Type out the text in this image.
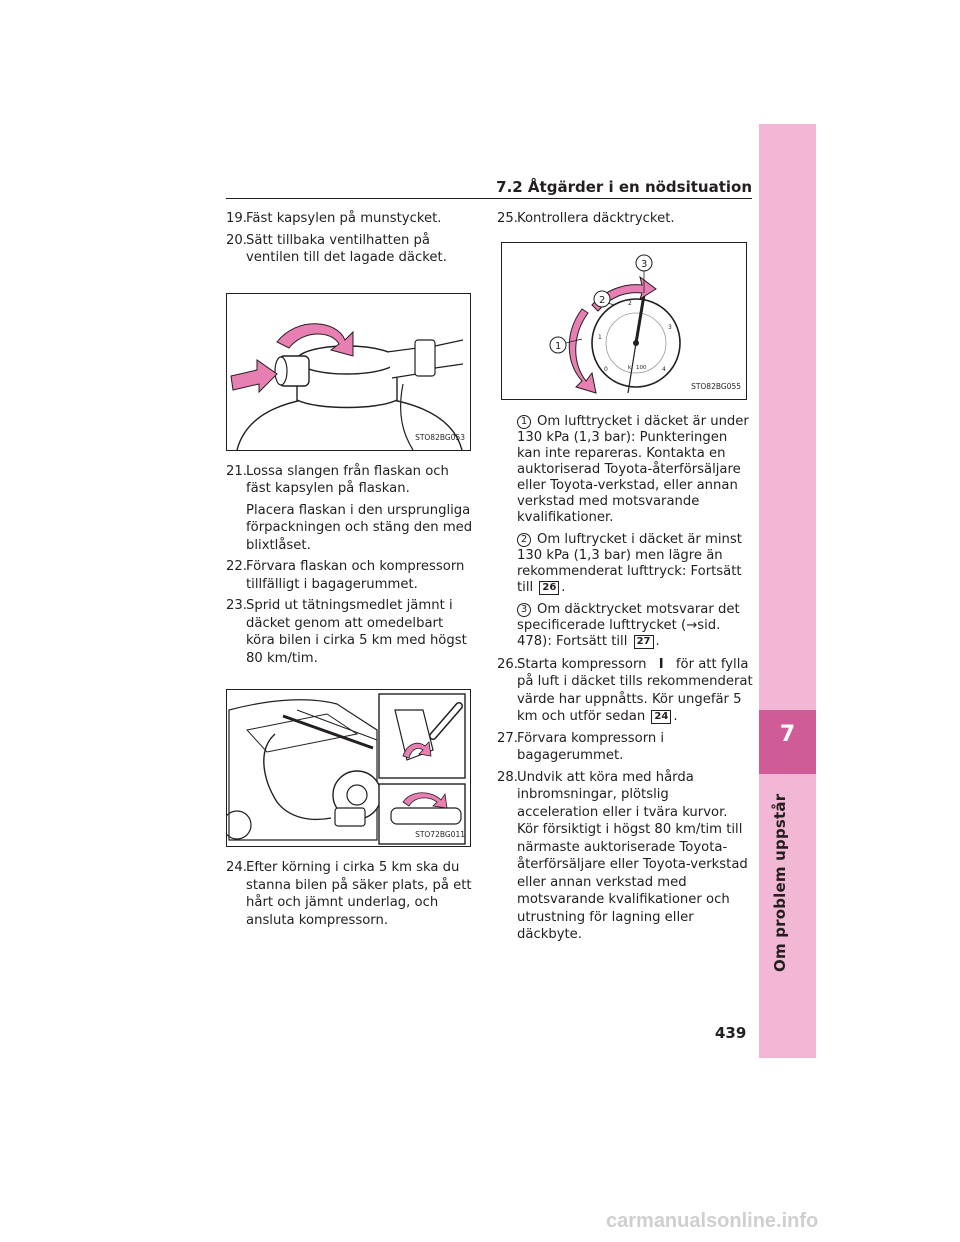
7.2 Åtgärder i en nödsituation
7
Om problem uppstår
19. Fäst kapsylen på munstycket.
20. Sätt tillbaka ventilhatten på ventilen till det lagade däcket.
STO82BG053
21. Lossa slangen från flaskan och fäst kapsylen på flaskan.
Placera flaskan i den ursprungliga förpackningen och stäng den med blixtlåset.
22. Förvara flaskan och kompressorn tillfälligt i bagagerummet.
23. Sprid ut tätningsmedlet jämnt i däcket genom att omedelbart köra bilen i cirka 5 km med högst 80 km/tim.
STO72BG011
24. Efter körning i cirka 5 km ska du stanna bilen på säker plats, på ett hårt och jämnt underlag, och ansluta kompressorn.
25. Kontrollera däcktrycket.
0
1
2
3
4
k 100
1
2
3
STO82BG055
1 Om lufttrycket i däcket är under 130 kPa (1,3 bar): Punkteringen kan inte repareras. Kontakta en auktoriserad Toyota-återförsäljare eller Toyota-verkstad, eller annan verkstad med motsvarande kvalifikationer.
2 Om luftrycket i däcket är minst 130 kPa (1,3 bar) men lägre än rekommenderat lufttryck: Fortsätt till 26 .
3 Om däcktrycket motsvarar det specificerade lufttrycket (→sid. 478): Fortsätt till 27 .
26. Starta kompressorn I för att fylla på luft i däcket tills rekommenderat värde har uppnåtts. Kör ungefär 5 km och utför sedan 24 .
27. Förvara kompressorn i bagagerummet.
28. Undvik att köra med hårda inbromsningar, plötslig acceleration eller i tvära kurvor. Kör försiktigt i högst 80 km/tim till närmaste auktoriserade Toyota-återförsäljare eller Toyota-verkstad eller annan verkstad med motsvarande kvalifikationer och utrustning för lagning eller däckbyte.
439
carmanualsonline.info
